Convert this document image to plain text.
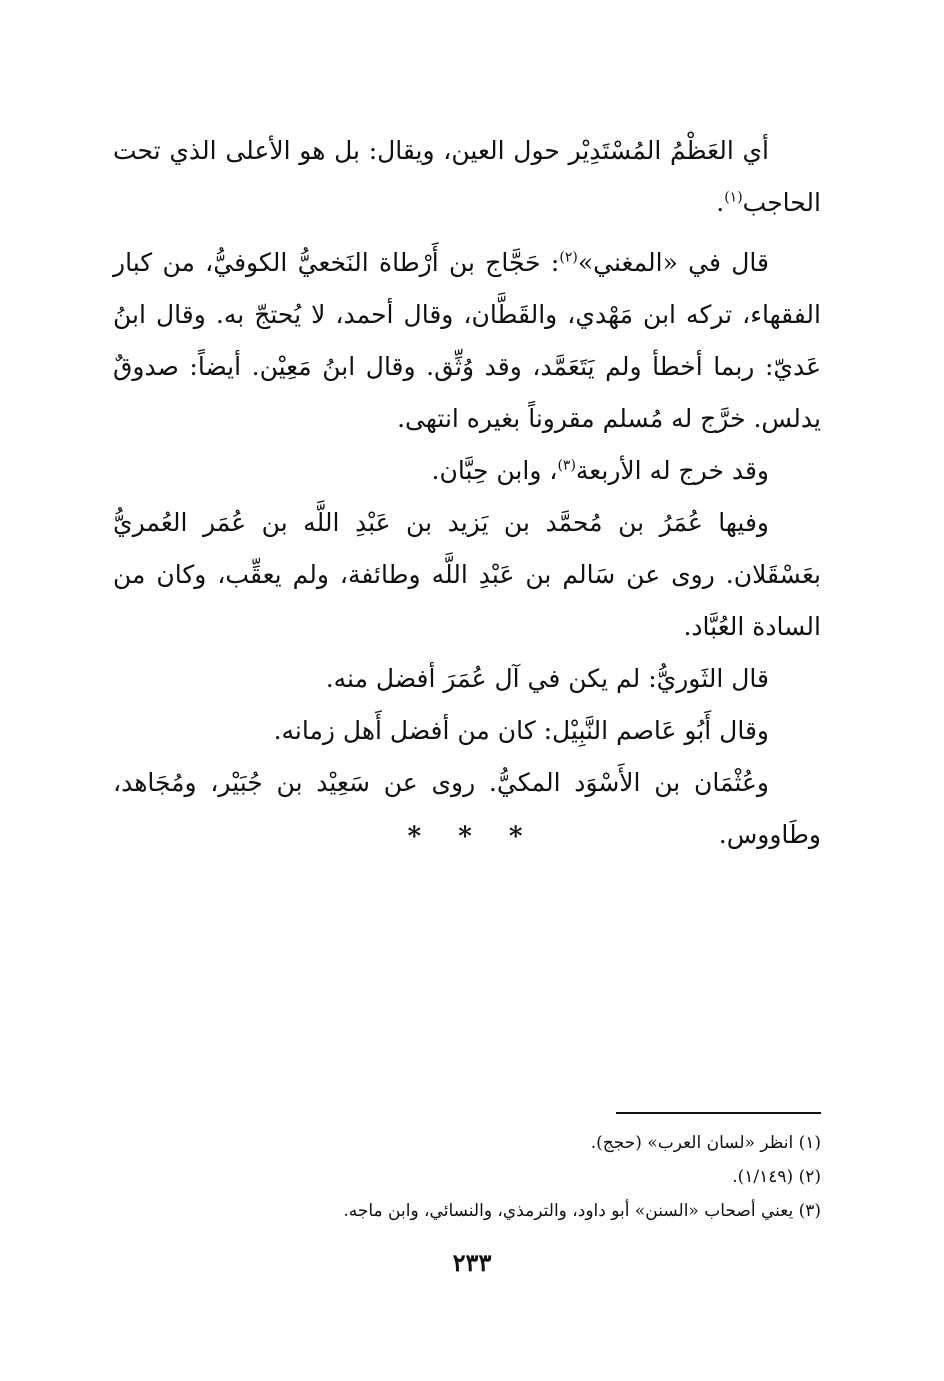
أي العَظْمُ المُسْتَدِيْر حول العين، ويقال: بل هو الأعلى الذي تحت الحاجب$^{(١)}$.

قال في «المغني»$^{(٢)}$: حَجَّاج بن أَرْطاة النَخعيُّ الكوفيُّ، من كبار الفقهاء، تركه ابن مَهْدي، والقَطَّان، وقال أحمد، لا يُحتجّ به. وقال ابنُ عَديّ: ربما أخطأ ولم يَتَعَمَّد، وقد وُثِّق. وقال ابنُ مَعِيْن. أيضاً: صدوقٌ يدلس. خرَّج له مُسلم مقروناً بغيره انتهى.

وقد خرج له الأربعة$^{(٣)}$، وابن حِبَّان.

وفيها عُمَرُ بن مُحمَّد بن يَزيد بن عَبْدِ اللَّه بن عُمَر العُمريُّ بعَسْقَلان. روى عن سَالم بن عَبْدِ اللَّه وطائفة، ولم يعقِّب، وكان من السادة العُبَّاد.

قال الثَوريُّ: لم يكن في آل عُمَرَ أفضل منه.

وقال أَبُو عَاصم النَّبِيْل: كان من أفضل أَهل زمانه.

وعُثْمَان بن الأَسْوَد المكيُّ. روى عن سَعِيْد بن جُبَيْر، ومُجَاهد، وطَاووس.

* * *

(١) انظر «لسان العرب» (حجج).

(٢) (١/١٤٩).

(٣) يعني أصحاب «السنن» أبو داود، والترمذي، والنسائي، وابن ماجه.

٢٣٣
